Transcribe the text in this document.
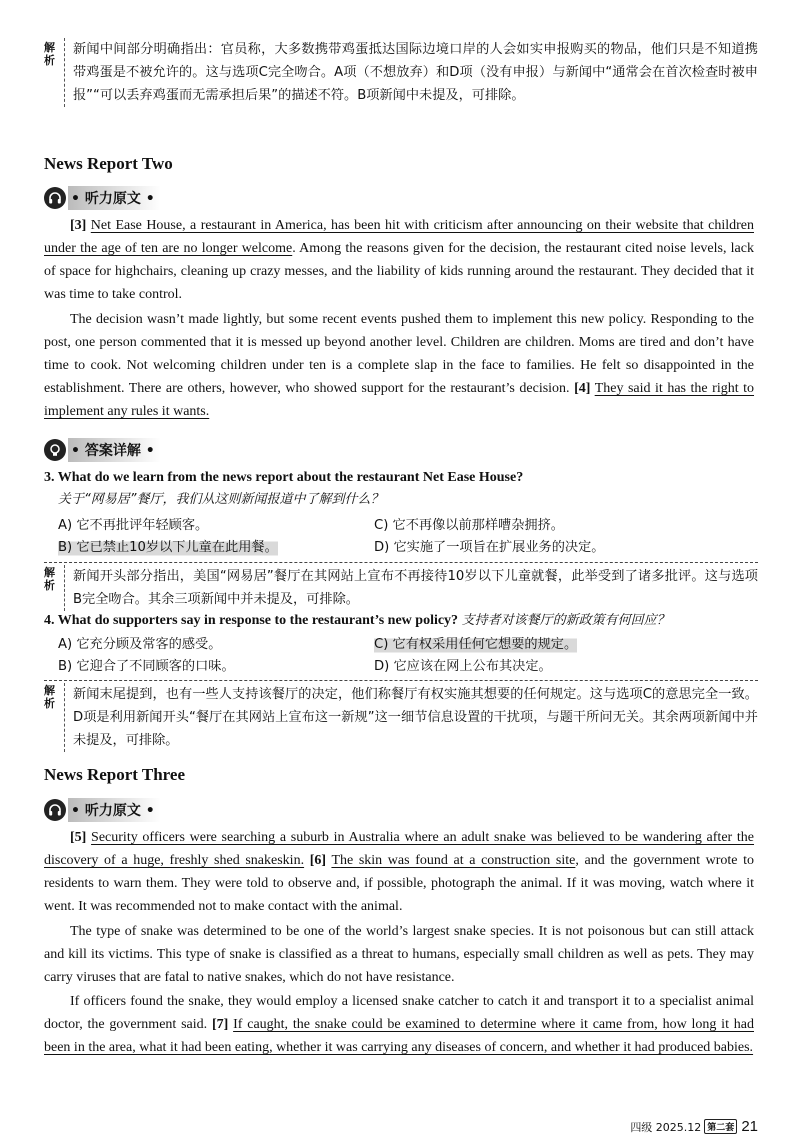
解析
新闻中间部分明确指出：官员称，大多数携带鸡蛋抵达国际边境口岸的人会如实申报购买的物品，他们只是不知道携带鸡蛋是不被允许的。这与选项C完全吻合。A项（不想放弃）和D项（没有申报）与新闻中“通常会在首次检查时被申报”“可以丢弃鸡蛋而无需承担后果”的描述不符。B项新闻中未提及，可排除。
News Report Two
• 听力原文 •

[3] Net Ease House, a restaurant in America, has been hit with criticism after announcing on their website that children under the age of ten are no longer welcome. Among the reasons given for the decision, the restaurant cited noise levels, lack of space for highchairs, cleaning up crazy messes, and the liability of kids running around the restaurant. They decided that it was time to take control.

The decision wasn’t made lightly, but some recent events pushed them to implement this new policy. Responding to the post, one person commented that it is messed up beyond another level. Children are children. Moms are tired and don’t have time to cook. Not welcoming children under ten is a complete slap in the face to families. He felt so disappointed in the establishment. There are others, however, who showed support for the restaurant’s decision. [4] They said it has the right to implement any rules it wants.

• 答案详解 •
3. What do we learn from the news report about the restaurant Net Ease House?
关于“网易居”餐厅，我们从这则新闻报道中了解到什么？
A) 它不再批评年轻顾客。	C) 它不再像以前那样嘈杂拥挤。
B) 它已禁止10岁以下儿童在此用餐。	D) 它实施了一项旨在扩展业务的决定。
解析
新闻开头部分指出，美国“网易居”餐厅在其网站上宣布不再接待10岁以下儿童就餐，此举受到了诸多批评。这与选项B完全吻合。其余三项新闻中并未提及，可排除。
4. What do supporters say in response to the restaurant’s new policy? 支持者对该餐厅的新政策有何回应？
A) 它充分顾及常客的感受。	C) 它有权采用任何它想要的规定。
B) 它迎合了不同顾客的口味。	D) 它应该在网上公布其决定。
解析
新闻末尾提到，也有一些人支持该餐厅的决定，他们称餐厅有权实施其想要的任何规定。这与选项C的意思完全一致。D项是利用新闻开头“餐厅在其网站上宣布这一新规”这一细节信息设置的干扰项，与题干所问无关。其余两项新闻中并未提及，可排除。
News Report Three
• 听力原文 •

[5] Security officers were searching a suburb in Australia where an adult snake was believed to be wandering after the discovery of a huge, freshly shed snakeskin. [6] The skin was found at a construction site, and the government wrote to residents to warn them. They were told to observe and, if possible, photograph the animal. If it was moving, watch where it went. It was recommended not to make contact with the animal.

The type of snake was determined to be one of the world’s largest snake species. It is not poisonous but can still attack and kill its victims. This type of snake is classified as a threat to humans, especially small children as well as pets. They may carry viruses that are fatal to native snakes, which do not have resistance.

If officers found the snake, they would employ a licensed snake catcher to catch it and transport it to a specialist animal doctor, the government said. [7] If caught, the snake could be examined to determine where it came from, how long it had been in the area, what it had been eating, whether it was carrying any diseases of concern, and whether it had produced babies.

四级 2025.12 第二套 21
